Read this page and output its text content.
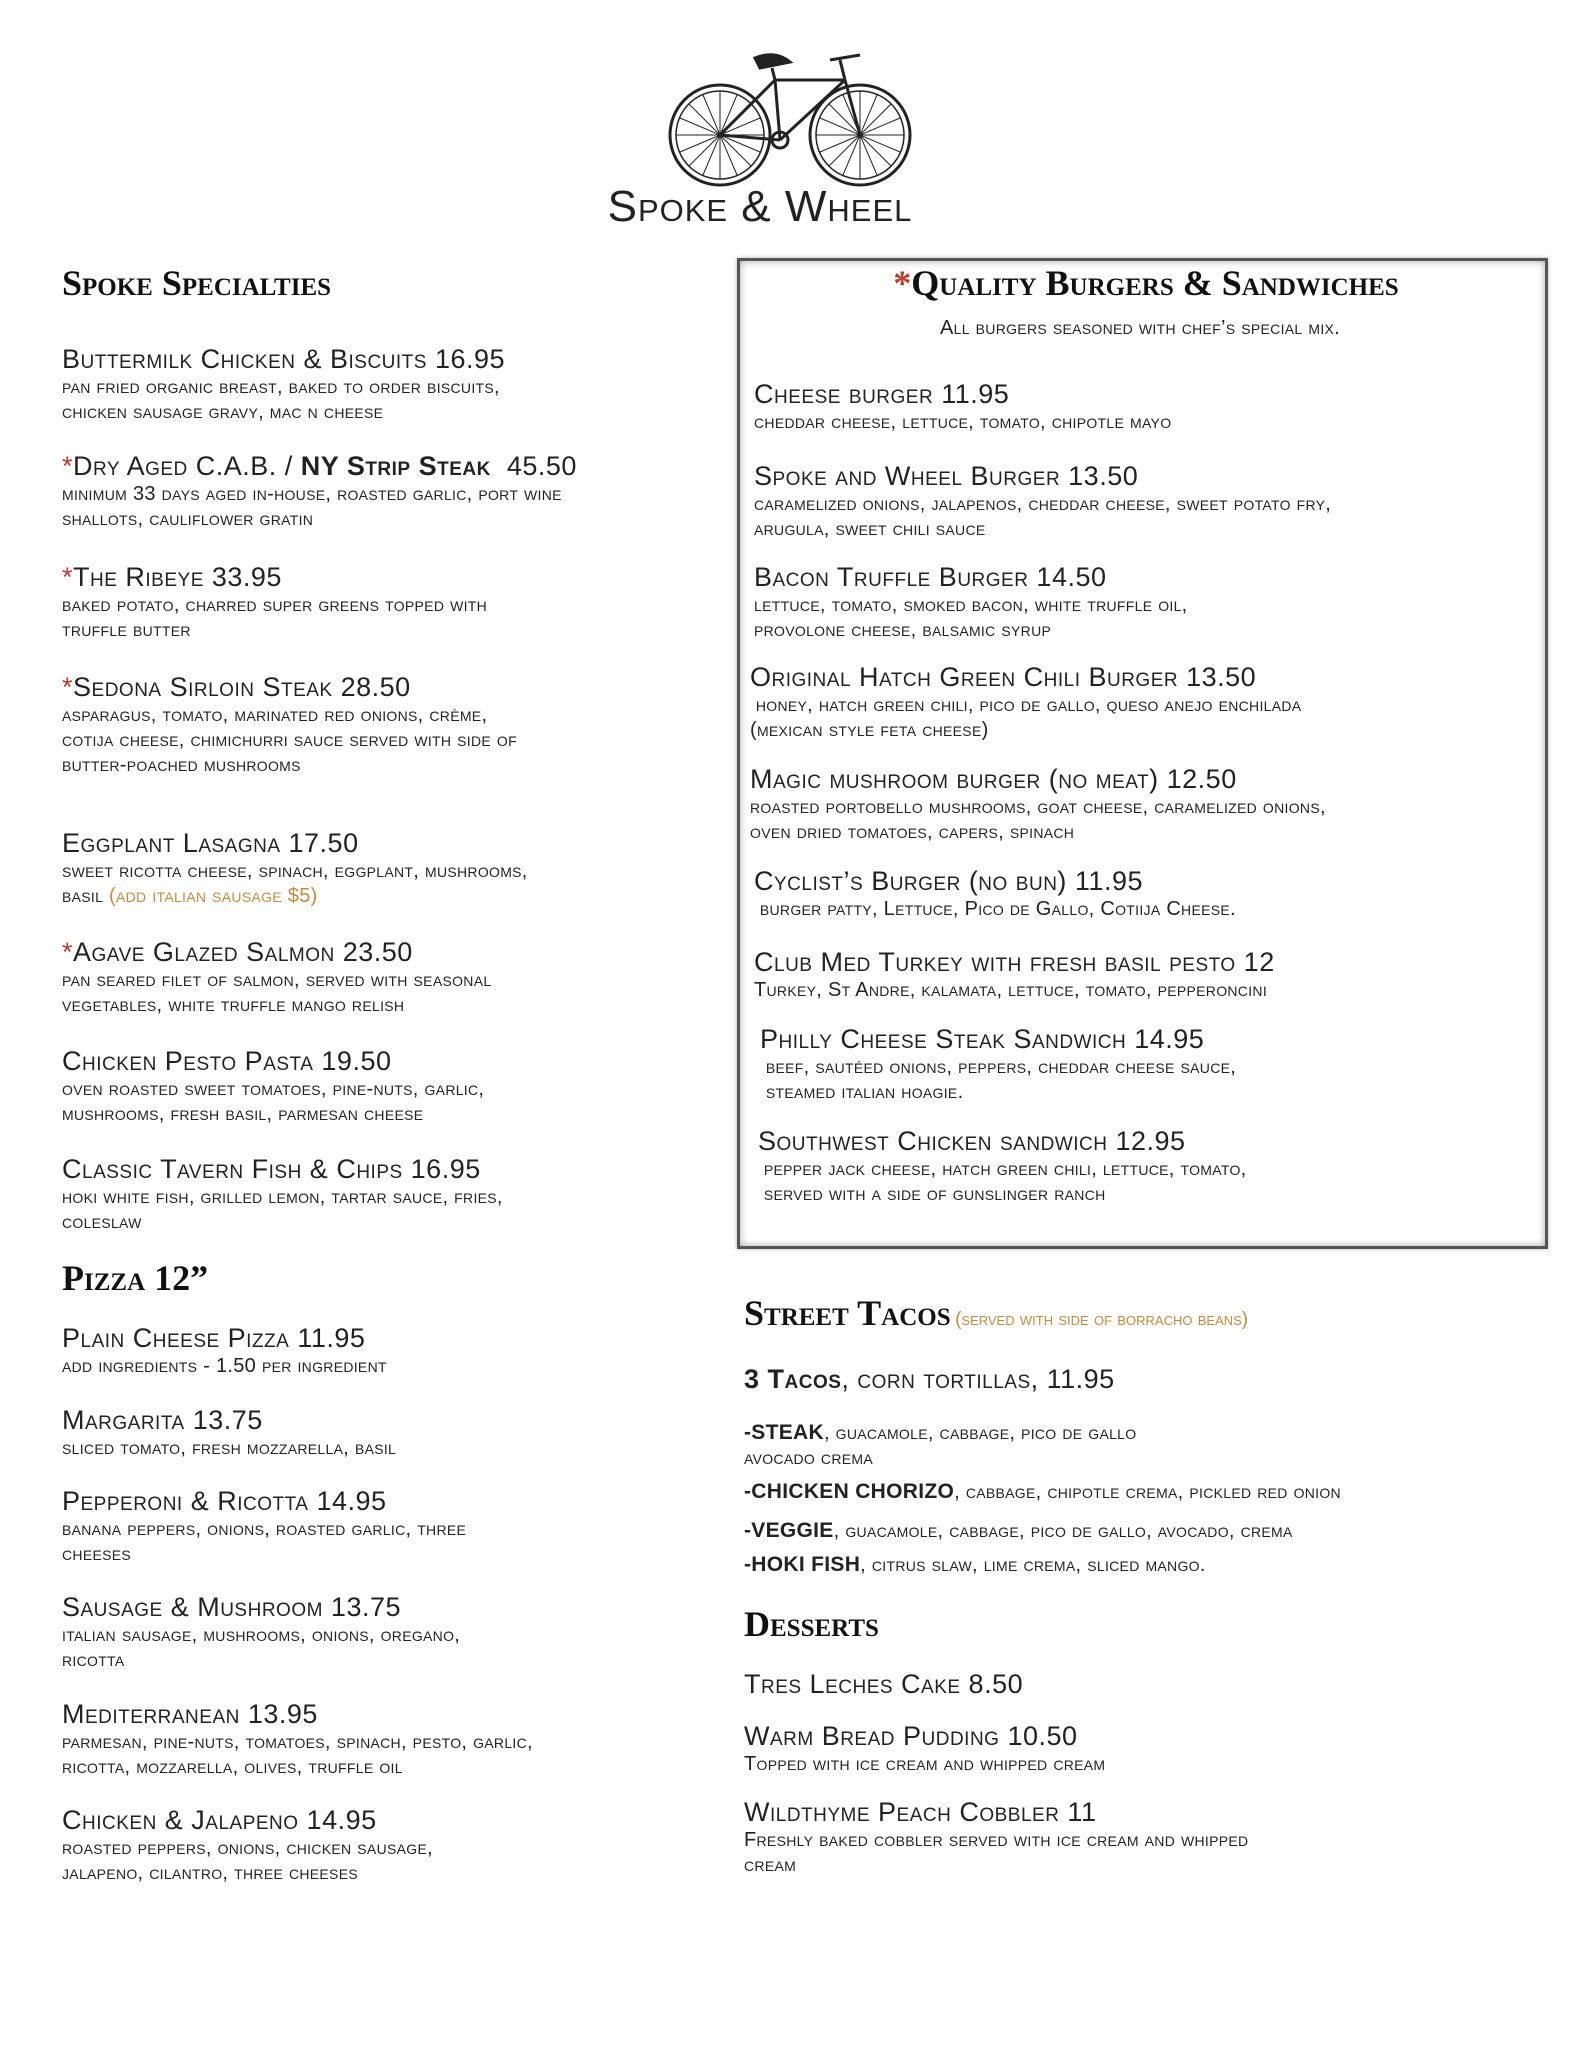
Spoke & Wheel
Spoke Specialties
Buttermilk Chicken & Biscuits 16.95
pan fried organic breast, baked to order biscuits,
chicken sausage gravy, mac n cheese
*Dry Aged C.A.B. / NY Strip Steak  45.50
minimum 33 days aged in-house, roasted garlic, port wine
shallots, cauliflower gratin
*The Ribeye 33.95
baked potato, charred super greens topped with
truffle butter
*Sedona Sirloin Steak 28.50
asparagus, tomato, marinated red onions, crème,
cotija cheese, chimichurri sauce served with side of
butter-poached mushrooms
Eggplant Lasagna 17.50
sweet ricotta cheese, spinach, eggplant, mushrooms,
basil (add italian sausage $5)
*Agave Glazed Salmon 23.50
pan seared filet of salmon, served with seasonal
vegetables, white truffle mango relish
Chicken Pesto Pasta 19.50
oven roasted sweet tomatoes, pine-nuts, garlic,
mushrooms, fresh basil, parmesan cheese
Classic Tavern Fish & Chips 16.95
hoki white fish, grilled lemon, tartar sauce, fries,
coleslaw
Pizza 12”
Plain Cheese Pizza 11.95
add ingredients - 1.50 per ingredient
Margarita 13.75
sliced tomato, fresh mozzarella, basil
Pepperoni & Ricotta 14.95
banana peppers, onions, roasted garlic, three
cheeses
Sausage & Mushroom 13.75
italian sausage, mushrooms, onions, oregano,
ricotta
Mediterranean 13.95
parmesan, pine-nuts, tomatoes, spinach, pesto, garlic,
ricotta, mozzarella, olives, truffle oil
Chicken & Jalapeno 14.95
roasted peppers, onions, chicken sausage,
jalapeno, cilantro, three cheeses
*Quality Burgers & Sandwiches
All burgers seasoned with chef’s special mix.
Cheese burger 11.95
cheddar cheese, lettuce, tomato, chipotle mayo
Spoke and Wheel Burger 13.50
caramelized onions, jalapenos, cheddar cheese, sweet potato fry,
arugula, sweet chili sauce
Bacon Truffle Burger 14.50
lettuce, tomato, smoked bacon, white truffle oil,
provolone cheese, balsamic syrup
Original Hatch Green Chili Burger 13.50
honey, hatch green chili, pico de gallo, queso anejo enchilada
(mexican style feta cheese)
Magic mushroom burger (no meat) 12.50
roasted portobello mushrooms, goat cheese, caramelized onions,
oven dried tomatoes, capers, spinach
Cyclist’s Burger (no bun) 11.95
burger patty, Lettuce, Pico de Gallo, Cotiija Cheese.
Club Med Turkey with fresh basil pesto 12
Turkey, St Andre, kalamata, lettuce, tomato, pepperoncini
Philly Cheese Steak Sandwich 14.95
beef, sautéed onions, peppers, cheddar cheese sauce,
steamed italian hoagie.
Southwest Chicken sandwich 12.95
pepper jack cheese, hatch green chili, lettuce, tomato,
served with a side of gunslinger ranch
Street Tacos (served with side of borracho beans)
3 Tacos, corn tortillas, 11.95
-STEAK, guacamole, cabbage, pico de gallo
avocado crema
-CHICKEN CHORIZO, cabbage, chipotle crema, pickled red onion
-VEGGIE, guacamole, cabbage, pico de gallo, avocado, crema
-HOKI FISH, citrus slaw, lime crema, sliced mango.
Desserts
Tres Leches Cake 8.50
Warm Bread Pudding 10.50
Topped with ice cream and whipped cream
Wildthyme Peach Cobbler 11
Freshly baked cobbler served with ice cream and whipped
cream
